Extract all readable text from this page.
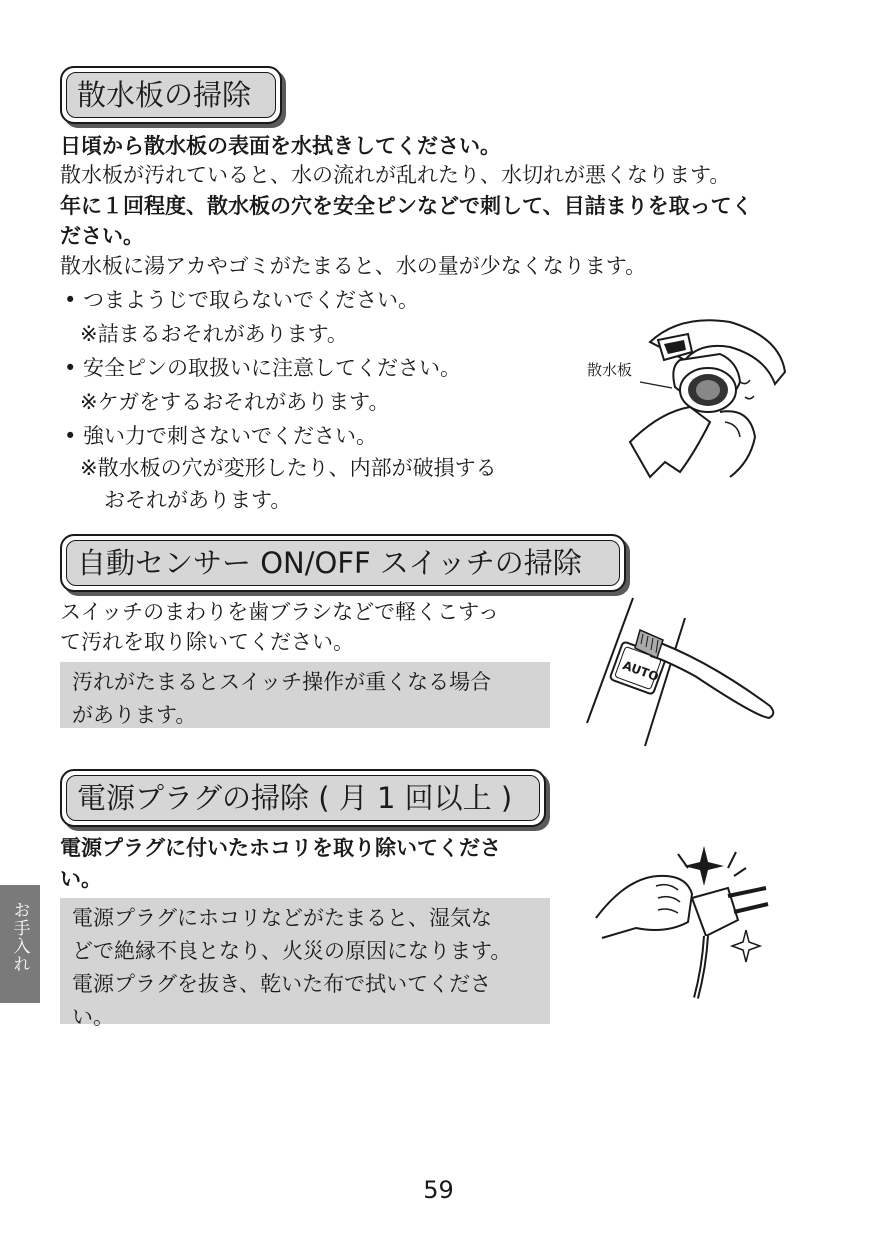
散水板の掃除
日頃から散水板の表面を水拭きしてください。
散水板が汚れていると、水の流れが乱れたり、水切れが悪くなります。
年に１回程度、散水板の穴を安全ピンなどで刺して、目詰まりを取ってく
ださい。
散水板に湯アカやゴミがたまると、水の量が少なくなります。
• つまようじで取らないでください。
※詰まるおそれがあります。
• 安全ピンの取扱いに注意してください。
※ケガをするおそれがあります。
• 強い力で刺さないでください。
※散水板の穴が変形したり、内部が破損する
おそれがあります。
散水板
自動センサー ON/OFF スイッチの掃除
スイッチのまわりを歯ブラシなどで軽くこすっ
て汚れを取り除いてください。
汚れがたまるとスイッチ操作が重くなる場合
があります。
AUTO
電源プラグの掃除 ( 月 1 回以上 )
電源プラグに付いたホコリを取り除いてくださ
い。
電源プラグにホコリなどがたまると、湿気な
どで絶縁不良となり、火災の原因になります。
電源プラグを抜き、乾いた布で拭いてくださ
い。
お手入れ
59
